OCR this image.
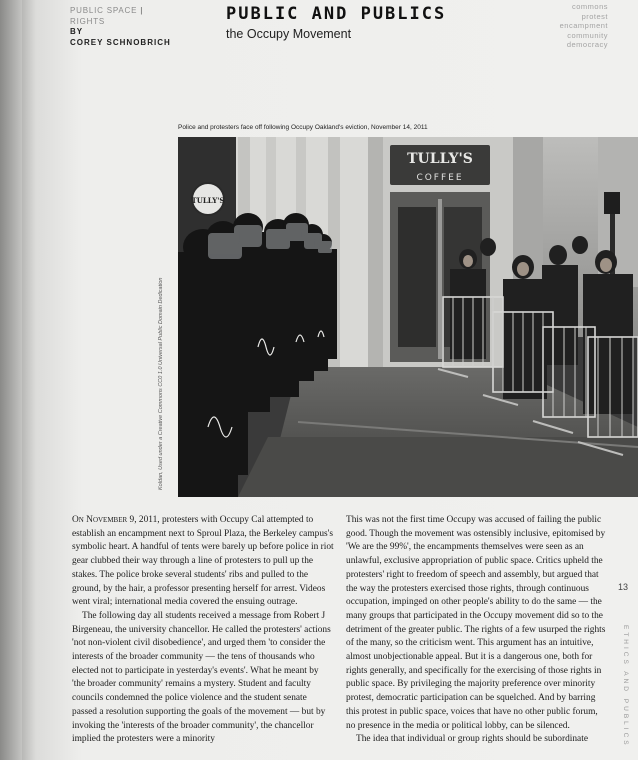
PUBLIC SPACE |
RIGHTS
BY
COREY SCHNOBRICH
PUBLIC AND PUBLICS
the Occupy Movement
commons
protest
encampment
community
democracy
Police and protesters face off following Occupy Oakland's eviction, November 14, 2011
TULLY'S
COFFEE
TULLY'S
Koldan, Used under a Creative Commons CC0 1.0 Universal Public Domain Dedication

On November 9, 2011, protesters with Occupy Cal attempted to establish an encampment next to Sproul Plaza, the Berkeley campus's symbolic heart. A handful of tents were barely up before police in riot gear clubbed their way through a line of protesters to pull up the stakes. The police broke several students' ribs and pulled to the ground, by the hair, a professor presenting herself for arrest. Videos went viral; international media covered the ensuing outrage.

The following day all students received a message from Robert J Birgeneau, the university chancellor. He called the protesters' actions 'not non-violent civil disobedience', and urged them 'to consider the interests of the broader community — the tens of thousands who elected not to participate in yesterday's events'. What he meant by 'the broader community' remains a mystery. Student and faculty councils condemned the police violence and the student senate passed a resolution supporting the goals of the movement — but by invoking the 'interests of the broader community', the chancellor implied the protesters were a minority

This was not the first time Occupy was accused of failing the public good. Though the movement was ostensibly inclusive, epitomised by 'We are the 99%', the encampments themselves were seen as an unlawful, exclusive appropriation of public space. Critics upheld the protesters' right to freedom of speech and assembly, but argued that the way the protesters exercised those rights, through continuous occupation, impinged on other people's ability to do the same — the many groups that participated in the Occupy movement did so to the detriment of the greater public. The rights of a few usurped the rights of the many, so the criticism went. This argument has an intuitive, almost unobjectionable appeal. But it is a dangerous one, both for rights generally, and specifically for the exercising of those rights in public space. By privileging the majority preference over minority protest, democratic participation can be squelched. And by barring this protest in public space, voices that have no other public forum, no presence in the media or political lobby, can be silenced.

The idea that individual or group rights should be subordinate

13
ETHICS AND PUBLICS
